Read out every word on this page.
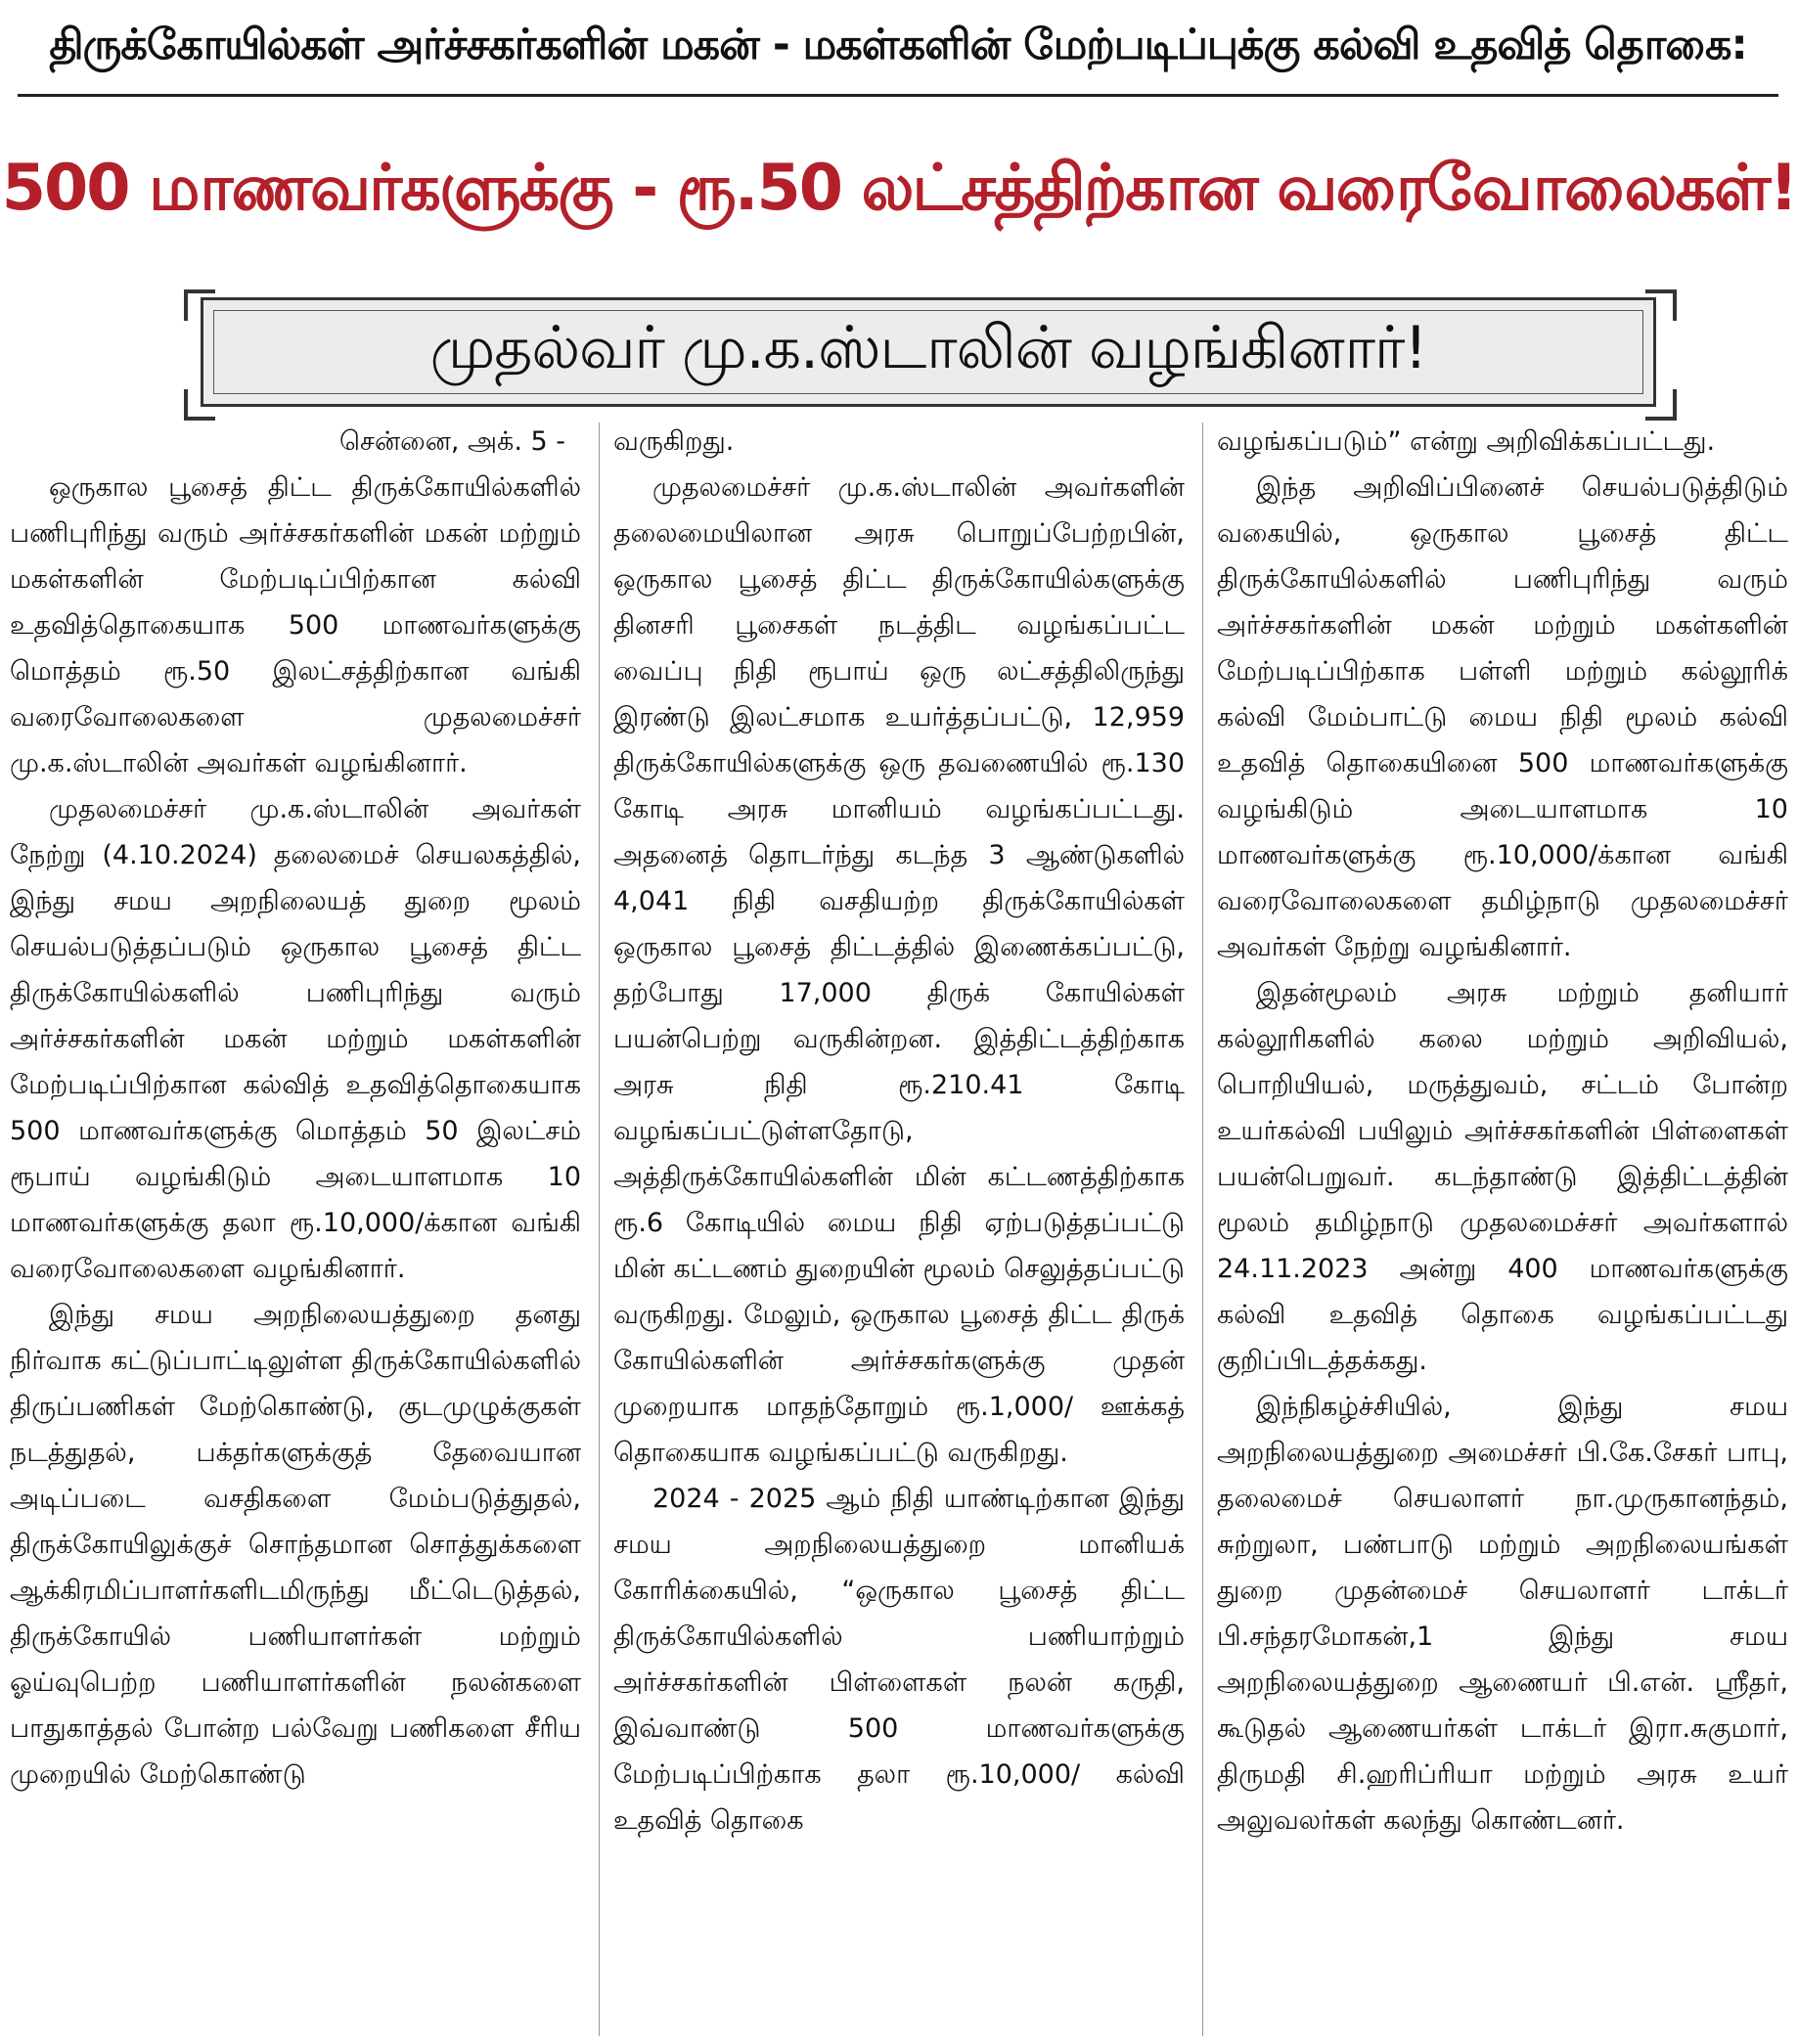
திருக்கோயில்கள் அர்ச்சகர்களின் மகன் - மகள்களின் மேற்படிப்புக்கு கல்வி உதவித் தொகை:
500 மாணவர்களுக்கு - ரூ.50 லட்சத்திற்கான வரைவோலைகள்!
முதல்வர் மு.க.ஸ்டாலின் வழங்கினார்!

சென்னை, அக். 5 -

ஒருகால பூசைத் திட்ட திருக்கோயில்களில் பணிபுரிந்து வரும் அர்ச்சகர்களின் மகன் மற்றும் மகள்களின் மேற்படிப்பிற்கான கல்வி உதவித்தொகையாக 500 மாணவர்களுக்கு மொத்தம் ரூ.50 இலட்சத்திற்கான வங்கி வரைவோலைகளை முதலமைச்சர் மு.க.ஸ்டாலின் அவர்கள் வழங்கினார்.

முதலமைச்சர் மு.க.ஸ்டாலின் அவர்கள் நேற்று (4.10.2024) தலைமைச் செயலகத்தில், இந்து சமய அறநிலையத் துறை மூலம் செயல்படுத்தப்படும் ஒருகால பூசைத் திட்ட திருக்கோயில்களில் பணிபுரிந்து வரும் அர்ச்சகர்களின் மகன் மற்றும் மகள்களின் மேற்படிப்பிற்கான கல்வித் உதவித்தொகையாக 500 மாணவர்களுக்கு மொத்தம் 50 இலட்சம் ரூபாய் வழங்கிடும் அடையாளமாக 10 மாணவர்களுக்கு தலா ரூ.10,000/க்கான வங்கி வரைவோலைகளை வழங்கினார்.

இந்து சமய அறநிலையத்துறை தனது நிர்வாக கட்டுப்பாட்டிலுள்ள திருக்கோயில்களில் திருப்பணிகள் மேற்கொண்டு, குடமுழுக்குகள் நடத்துதல், பக்தர்களுக்குத் தேவையான அடிப்படை வசதிகளை மேம்படுத்துதல், திருக்கோயிலுக்குச் சொந்தமான சொத்துக்களை ஆக்கிரமிப்பாளர்களிடமிருந்து மீட்டெடுத்தல், திருக்கோயில் பணியாளர்கள் மற்றும் ஓய்வுபெற்ற பணியாளர்களின் நலன்களை பாதுகாத்தல் போன்ற பல்வேறு பணிகளை சீரிய முறையில் மேற்கொண்டு

வருகிறது.

முதலமைச்சர் மு.க.ஸ்டாலின் அவர்களின் தலைமையிலான அரசு பொறுப்பேற்றபின், ஒருகால பூசைத் திட்ட திருக்கோயில்களுக்கு தினசரி பூசைகள் நடத்திட வழங்கப்பட்ட வைப்பு நிதி ரூபாய் ஒரு லட்சத்திலிருந்து இரண்டு இலட்சமாக உயர்த்தப்பட்டு, 12,959 திருக்கோயில்களுக்கு ஒரு தவணையில் ரூ.130 கோடி அரசு மானியம் வழங்கப்பட்டது. அதனைத் தொடர்ந்து கடந்த 3 ஆண்டுகளில் 4,041 நிதி வசதியற்ற திருக்கோயில்கள் ஒருகால பூசைத் திட்டத்தில் இணைக்கப்பட்டு, தற்போது 17,000 திருக் கோயில்கள் பயன்பெற்று வருகின்றன. இத்திட்டத்திற்காக அரசு நிதி ரூ.210.41 கோடி வழங்கப்பட்டுள்ளதோடு, அத்திருக்கோயில்களின் மின் கட்டணத்திற்காக ரூ.6 கோடியில் மைய நிதி ஏற்படுத்தப்பட்டு மின் கட்டணம் துறையின் மூலம் செலுத்தப்பட்டு வருகிறது. மேலும், ஒருகால பூசைத் திட்ட திருக் கோயில்களின் அர்ச்சகர்களுக்கு முதன் முறையாக மாதந்தோறும் ரூ.1,000/ ஊக்கத் தொகையாக வழங்கப்பட்டு வருகிறது.

2024 - 2025 ஆம் நிதி யாண்டிற்கான இந்து சமய அறநிலையத்துறை மானியக் கோரிக்கையில், “ஒருகால பூசைத் திட்ட திருக்கோயில்களில் பணியாற்றும் அர்ச்சகர்களின் பிள்ளைகள் நலன் கருதி, இவ்வாண்டு 500 மாணவர்களுக்கு மேற்படிப்பிற்காக தலா ரூ.10,000/ கல்வி உதவித் தொகை

வழங்கப்படும்” என்று அறிவிக்கப்பட்டது.

இந்த அறிவிப்பினைச் செயல்படுத்திடும் வகையில், ஒருகால பூசைத் திட்ட திருக்கோயில்களில் பணிபுரிந்து வரும் அர்ச்சகர்களின் மகன் மற்றும் மகள்களின் மேற்படிப்பிற்காக பள்ளி மற்றும் கல்லூரிக் கல்வி மேம்பாட்டு மைய நிதி மூலம் கல்வி உதவித் தொகையினை 500 மாணவர்களுக்கு வழங்கிடும் அடையாளமாக 10 மாணவர்களுக்கு ரூ.10,000/க்கான வங்கி வரைவோலைகளை தமிழ்நாடு முதலமைச்சர் அவர்கள் நேற்று வழங்கினார்.

இதன்மூலம் அரசு மற்றும் தனியார் கல்லூரிகளில் கலை மற்றும் அறிவியல், பொறியியல், மருத்துவம், சட்டம் போன்ற உயர்கல்வி பயிலும் அர்ச்சகர்களின் பிள்ளைகள் பயன்பெறுவர். கடந்தாண்டு இத்திட்டத்தின் மூலம் தமிழ்நாடு முதலமைச்சர் அவர்களால் 24.11.2023 அன்று 400 மாணவர்களுக்கு கல்வி உதவித் தொகை வழங்கப்பட்டது குறிப்பிடத்தக்கது.

இந்நிகழ்ச்சியில், இந்து சமய அறநிலையத்துறை அமைச்சர் பி.கே.சேகர் பாபு, தலைமைச் செயலாளர் நா.முருகானந்தம், சுற்றுலா, பண்பாடு மற்றும் அறநிலையங்கள் துறை முதன்மைச் செயலாளர் டாக்டர் பி.சந்தரமோகன்,1 இந்து சமய அறநிலையத்துறை ஆணையர் பி.என். ஸ்ரீதர், கூடுதல் ஆணையர்கள் டாக்டர் இரா.சுகுமார், திருமதி சி.ஹரிப்ரியா மற்றும் அரசு உயர் அலுவலர்கள் கலந்து கொண்டனர்.
